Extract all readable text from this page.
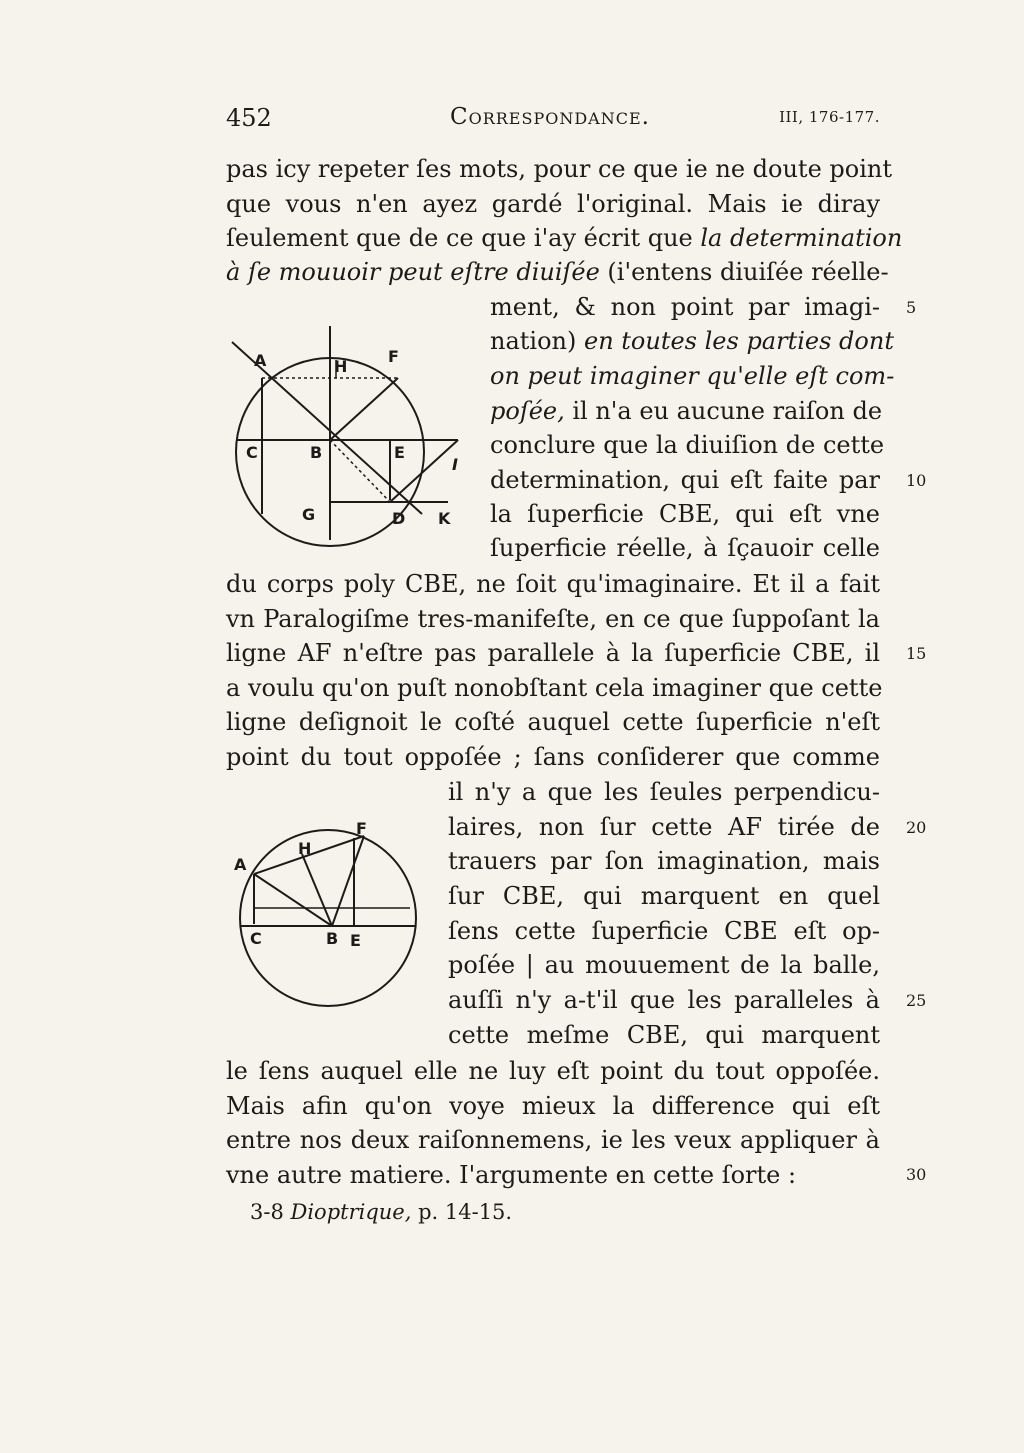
452	Correspondance.	III, 176-177.
pas icy repeter ſes mots, pour ce que ie ne doute point
que vous n'en ayez gardé l'original. Mais ie diray
ſeulement que de ce que i'ay écrit que la determination
à ſe mouuoir peut eſtre diuiſée (i'entens diuiſée réelle-
ment, & non point par imagi-
nation) en toutes les parties dont
on peut imaginer qu'elle eſt com-
poſée, il n'a eu aucune raiſon de
conclure que la diuiſion de cette
determination, qui eſt faite par
la ſuperficie CBE, qui eſt vne
ſuperficie réelle, à ſçauoir celle
du corps poly CBE, ne ſoit qu'imaginaire. Et il a fait
vn Paralogiſme tres-manifeſte, en ce que ſuppoſant la
ligne AF n'eſtre pas parallele à la ſuperficie CBE, il
a voulu qu'on puſt nonobſtant cela imaginer que cette
ligne deſignoit le coſté auquel cette ſuperficie n'eſt
point du tout oppoſée ; ſans conſiderer que comme
il n'y a que les ſeules perpendicu-
laires, non ſur cette AF tirée de
trauers par ſon imagination, mais
ſur CBE, qui marquent en quel
ſens cette ſuperficie CBE eſt op-
poſée | au mouuement de la balle,
auſſi n'y a-t'il que les paralleles à
cette meſme CBE, qui marquent
le ſens auquel elle ne luy eſt point du tout oppoſée.
Mais afin qu'on voye mieux la difference qui eſt
entre nos deux raiſonnemens, ie les veux appliquer à
vne autre matiere. I'argumente en cette ſorte :
5
10
15
20
25
30
A	H
F
C	B	E
I
G	D K
F
A
H
C	B E
3-8 Dioptrique, p. 14-15.
